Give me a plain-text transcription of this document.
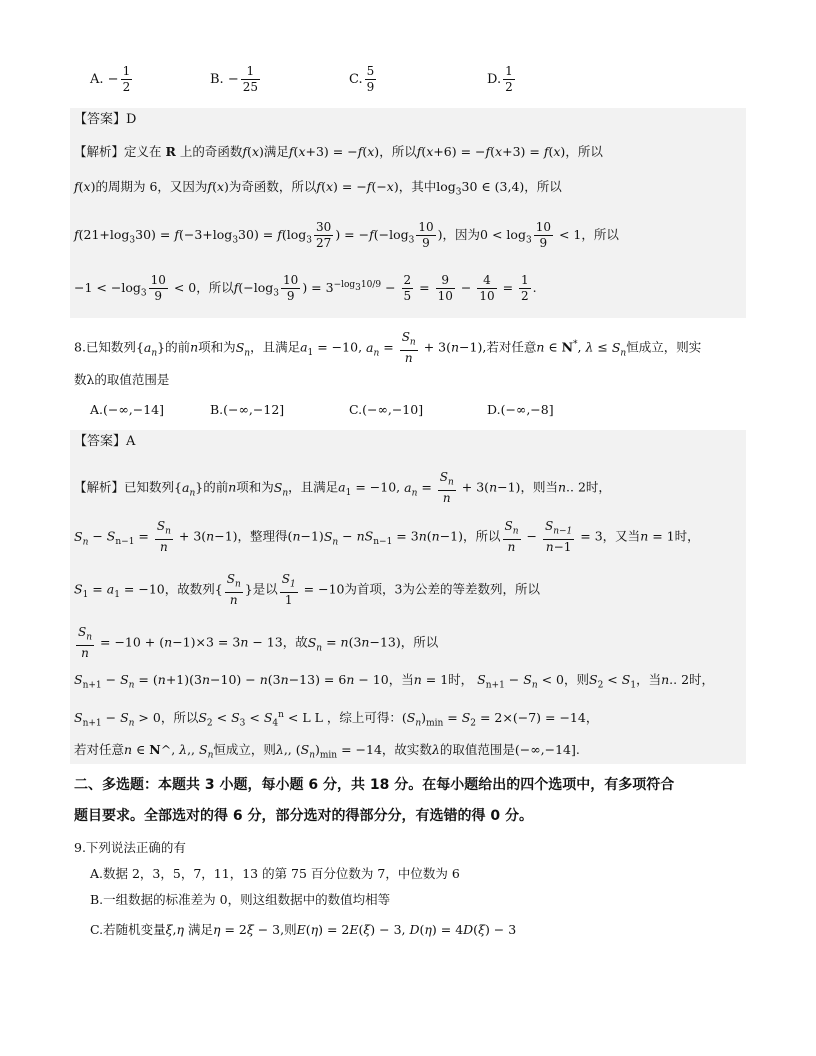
A. − $\frac{1}{2}$	B. − $\frac{1}{25}$	C. $\frac{5}{9}$	D. $\frac{1}{2}$
【答案】D
【解析】定义在 R 上的奇函数f(x)满足f(x+3) = −f(x)，所以f(x+6) = −f(x+3) = f(x)，所以
f(x)的周期为 6，又因为f(x)为奇函数，所以f(x) = −f(−x)，其中$\log_330$ ∈ (3,4)，所以
$f(21+\log_330) = f(-3+\log_330) = f(\log_3 \frac{30}{27}$ ) = $-f(-\log_3 \frac{10}{9}$ )，因为$0 < \log_3 \frac{10}{9} < 1$，所以
$-1 < -\log_3 \frac{10}{9} < 0$，所以$f(-\log_3 \frac{10}{9}$ ) = $3^{-log_310/9} - \frac{2}{5} = \frac{9}{10} - \frac{4}{10} = \frac{1}{2}$ .
8.已知数列$\{a_n\}$的前n项和为$S_n$，且满足$a_1 = -10$, $a_n = \frac{S_n}{n} + 3(n-1)$,若对任意n ∈ N*, $\lambda \le S_n$恒成立，则实
数λ的取值范围是
A.(−∞,−14]	B.(−∞,−12]	C.(−∞,−10]	D.(−∞,−8]
【答案】A
【解析】已知数列$\{a_n\}$的前n项和为$S_n$，且满足$a_1 = -10$, $a_n = \frac{S_n}{n} + 3(n-1)$，则当n.. 2时，
$S_n - S_{n-1} = \frac{S_n}{n} + 3(n-1)$，整理得$(n-1)S_n - nS_{n-1} = 3n(n-1)$，所以 $\frac{S_n}{n} - \frac{S_{n-1}}{n-1} = 3$，又当n = 1时，
$S_1 = a_1 = -10$，故数列{ $\frac{S_n}{n}$ }是以 $\frac{S_1}{1} = -10$为首项，3为公差的等差数列，所以
$\frac{S_n}{n} = -10 + (n-1)\times 3 = 3n - 13$，故$S_n = n(3n-13)$，所以
$S_{n+1} - S_n = (n+1)(3n-10) - n(3n-13) = 6n - 10$，当n = 1时， $S_{n+1} - S_n < 0$，则$S_2 < S_1$，当n.. 2时，
$S_{n+1} - S_n > 0$，所以$S_2 < S_3 < S_4^n < L$ L ，综上可得：$(S_n)_{min} = S_2 = 2\times(-7) = -14$，
若对任意n ∈ N^, λ,, $S_n$恒成立，则λ,, $(S_n)_{min} = -14$，故实数λ的取值范围是(−∞,−14].
二、多选题：本题共 3 小题，每小题 6 分，共 18 分。在每小题给出的四个选项中，有多项符合
题目要求。全部选对的得 6 分，部分选对的得部分分，有选错的得 0 分。
9.下列说法正确的有
A.数据 2，3，5，7，11，13 的第 75 百分位数为 7，中位数为 6
B.一组数据的标准差为 0，则这组数据中的数值均相等
C.若随机变量ξ,η 满足η = 2ξ − 3,则E(η) = 2E(ξ) − 3, D(η) = 4D(ξ) − 3
